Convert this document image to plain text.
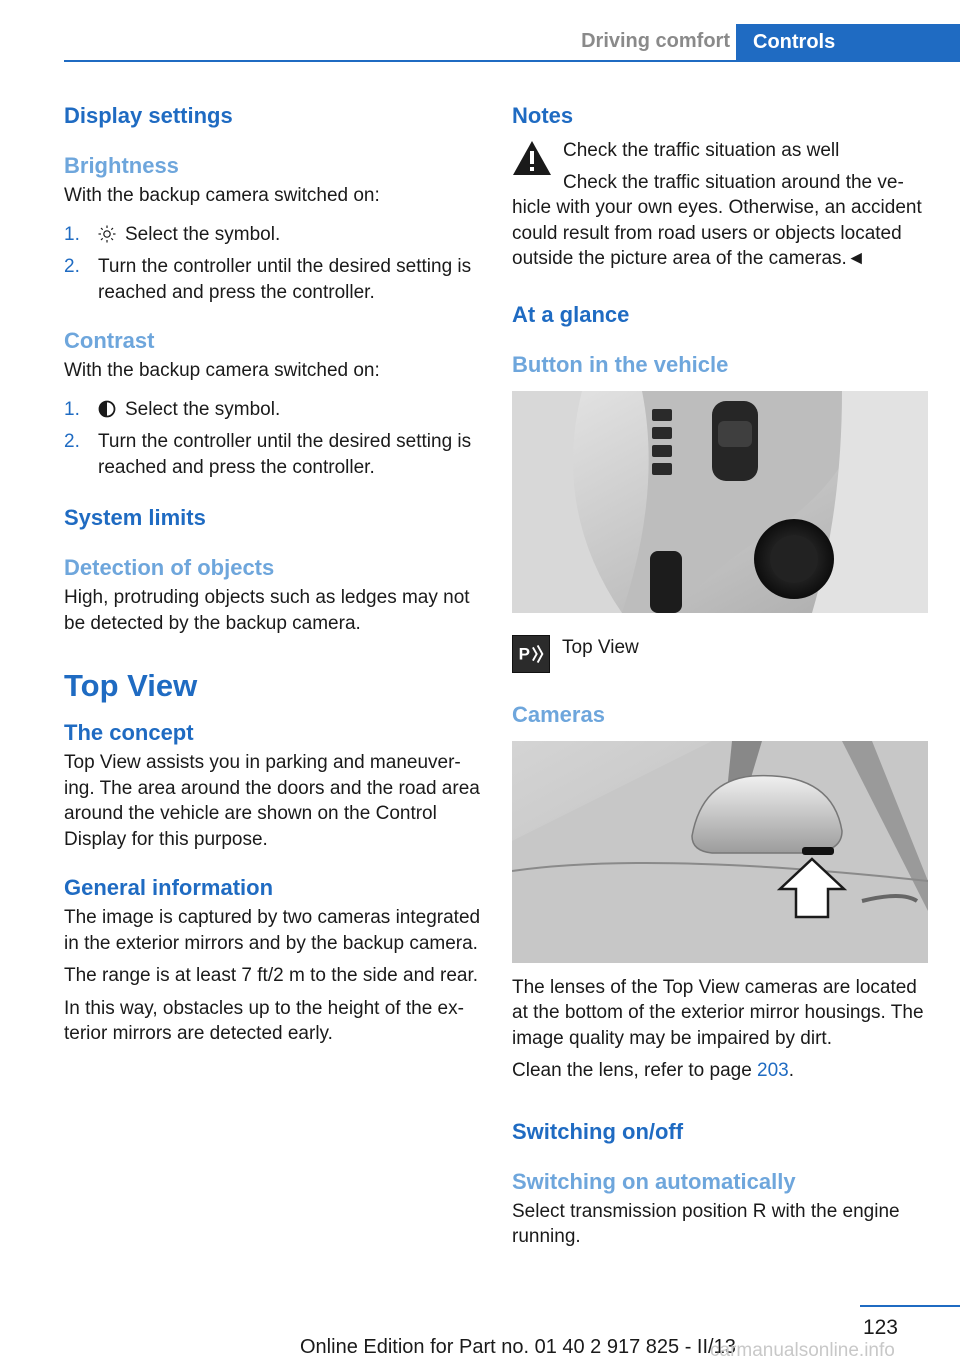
Driving comfort	Controls
Display settings
Brightness
With the backup camera switched on:
1. Select the symbol.
2. Turn the controller until the desired setting is reached and press the controller.
Contrast
With the backup camera switched on:
1. Select the symbol.
2. Turn the controller until the desired setting is reached and press the controller.
System limits
Detection of objects
High, protruding objects such as ledges may not be detected by the backup camera.
Top View
The concept
Top View assists you in parking and maneuver‐ing. The area around the doors and the road area around the vehicle are shown on the Control Display for this purpose.
General information
The image is captured by two cameras integrated in the exterior mirrors and by the backup camera.
The range is at least 7 ft/2 m to the side and rear.
In this way, obstacles up to the height of the ex‐terior mirrors are detected early.
Notes
Check the traffic situation as well
Check the traffic situation around the ve‐hicle with your own eyes. Otherwise, an accident could result from road users or objects located outside the picture area of the cameras.◄
At a glance
Button in the vehicle
P Top View
Cameras
The lenses of the Top View cameras are located at the bottom of the exterior mirror housings. The image quality may be impaired by dirt.
Clean the lens, refer to page 203.
Switching on/off
Switching on automatically
Select transmission position R with the engine running.
123
Online Edition for Part no. 01 40 2 917 825 - II/13
carmanualsonline.info
